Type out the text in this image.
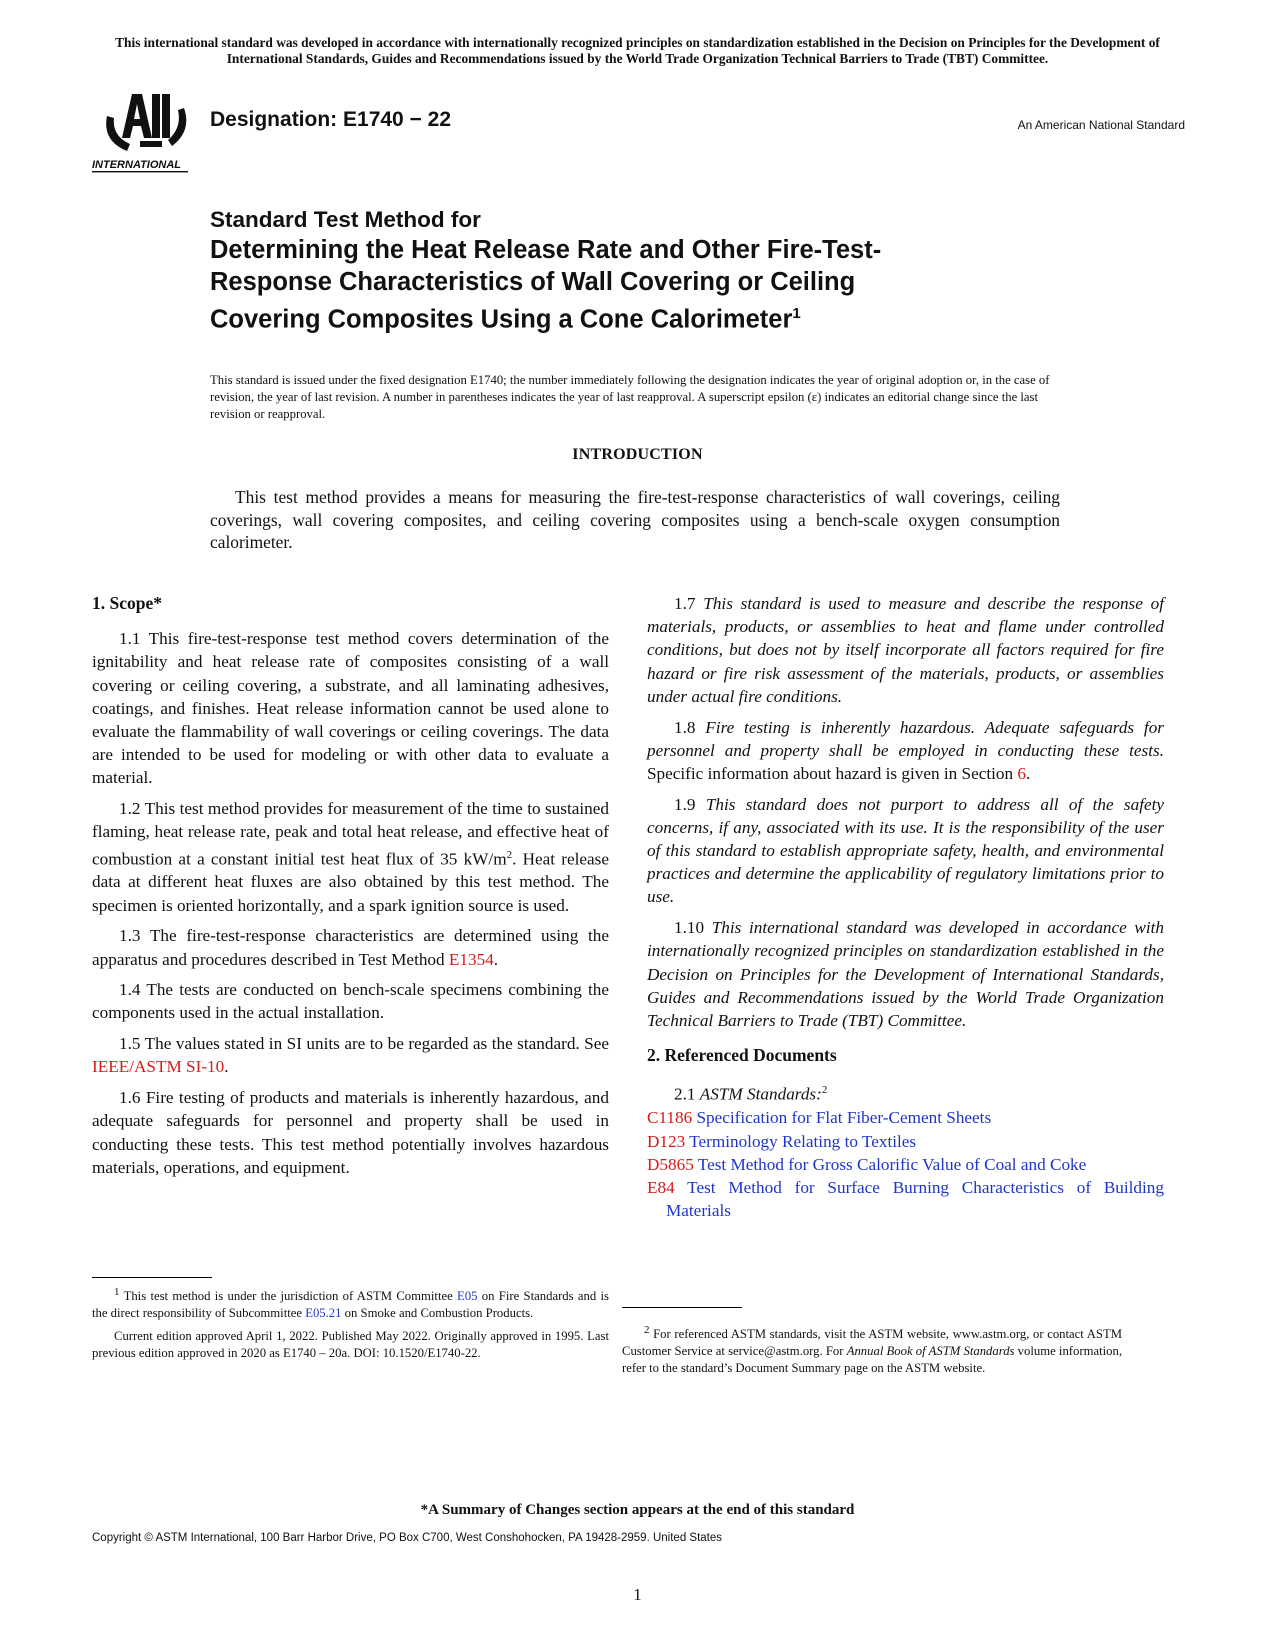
This international standard was developed in accordance with internationally recognized principles on standardization established in the Decision on Principles for the Development of International Standards, Guides and Recommendations issued by the World Trade Organization Technical Barriers to Trade (TBT) Committee.
INTERNATIONAL
Designation: E1740 − 22	An American National Standard
Standard Test Method for
Determining the Heat Release Rate and Other Fire-Test-
Response Characteristics of Wall Covering or Ceiling
Covering Composites Using a Cone Calorimeter$^1$
This standard is issued under the fixed designation E1740; the number immediately following the designation indicates the year of original adoption or, in the case of revision, the year of last revision. A number in parentheses indicates the year of last reapproval. A superscript epsilon (ε) indicates an editorial change since the last revision or reapproval.
INTRODUCTION
This test method provides a means for measuring the fire-test-response characteristics of wall coverings, ceiling coverings, wall covering composites, and ceiling covering composites using a bench-scale oxygen consumption calorimeter.
1. Scope*

1.1 This fire-test-response test method covers determination of the ignitability and heat release rate of composites consisting of a wall covering or ceiling covering, a substrate, and all laminating adhesives, coatings, and finishes. Heat release information cannot be used alone to evaluate the flammability of wall coverings or ceiling coverings. The data are intended to be used for modeling or with other data to evaluate a material.

1.2 This test method provides for measurement of the time to sustained flaming, heat release rate, peak and total heat release, and effective heat of combustion at a constant initial test heat flux of 35 $kW/m^2$. Heat release data at different heat fluxes are also obtained by this test method. The specimen is oriented horizontally, and a spark ignition source is used.

1.3 The fire-test-response characteristics are determined using the apparatus and procedures described in Test Method E1354.

1.4 The tests are conducted on bench-scale specimens combining the components used in the actual installation.

1.5 The values stated in SI units are to be regarded as the standard. See IEEE/ASTM SI-10.

1.6 Fire testing of products and materials is inherently hazardous, and adequate safeguards for personnel and property shall be used in conducting these tests. This test method potentially involves hazardous materials, operations, and equipment.

$^1$ This test method is under the jurisdiction of ASTM Committee E05 on Fire Standards and is the direct responsibility of Subcommittee E05.21 on Smoke and Combustion Products.

Current edition approved April 1, 2022. Published May 2022. Originally approved in 1995. Last previous edition approved in 2020 as E1740 – 20a. DOI: 10.1520/E1740-22.

1.7 This standard is used to measure and describe the response of materials, products, or assemblies to heat and flame under controlled conditions, but does not by itself incorporate all factors required for fire hazard or fire risk assessment of the materials, products, or assemblies under actual fire conditions.

1.8 Fire testing is inherently hazardous. Adequate safeguards for personnel and property shall be employed in conducting these tests. Specific information about hazard is given in Section 6.

1.9 This standard does not purport to address all of the safety concerns, if any, associated with its use. It is the responsibility of the user of this standard to establish appropriate safety, health, and environmental practices and determine the applicability of regulatory limitations prior to use.

1.10 This international standard was developed in accordance with internationally recognized principles on standardization established in the Decision on Principles for the Development of International Standards, Guides and Recommendations issued by the World Trade Organization Technical Barriers to Trade (TBT) Committee.

2. Referenced Documents

2.1 ASTM Standards:$^2$

C1186 Specification for Flat Fiber-Cement Sheets

D123 Terminology Relating to Textiles

D5865 Test Method for Gross Calorific Value of Coal and Coke

E84 Test Method for Surface Burning Characteristics of Building Materials

$^2$ For referenced ASTM standards, visit the ASTM website, www.astm.org, or contact ASTM Customer Service at service@astm.org. For Annual Book of ASTM Standards volume information, refer to the standard’s Document Summary page on the ASTM website.

*A Summary of Changes section appears at the end of this standard
Copyright © ASTM International, 100 Barr Harbor Drive, PO Box C700, West Conshohocken, PA 19428-2959. United States
1
